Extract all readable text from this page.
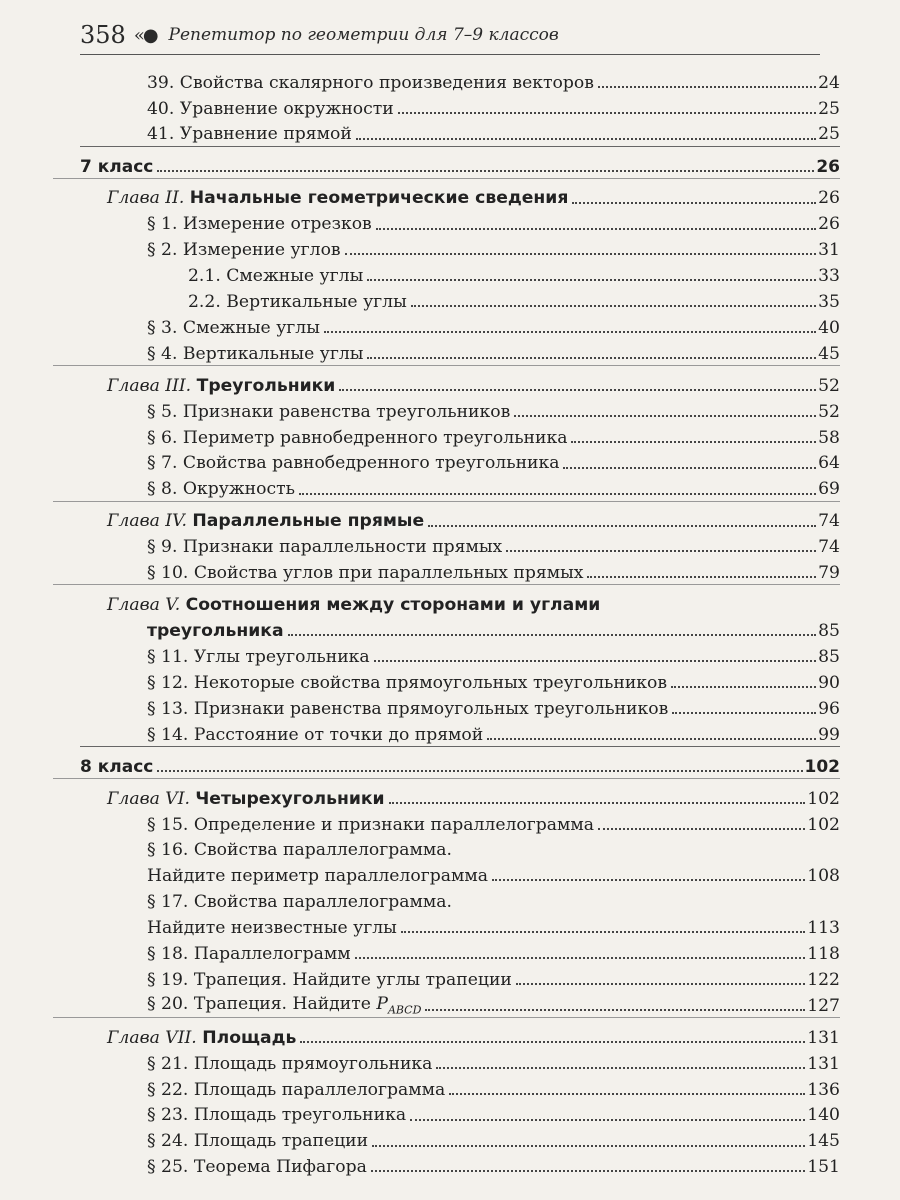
358 «● Репетитор по геометрии для 7–9 классов
39. Свойства скалярного произведения векторов	24
40. Уравнение окружности	25
41. Уравнение прямой	25
7 класс	26
Глава II. Начальные геометрические сведения	26
§ 1. Измерение отрезков	26
§ 2. Измерение углов	31
2.1. Смежные углы	33
2.2. Вертикальные углы	35
§ 3. Смежные углы	40
§ 4. Вертикальные углы	45
Глава III. Треугольники	52
§ 5. Признаки равенства треугольников	52
§ 6. Периметр равнобедренного треугольника	58
§ 7. Свойства равнобедренного треугольника	64
§ 8. Окружность	69
Глава IV. Параллельные прямые	74
§ 9. Признаки параллельности прямых	74
§ 10. Свойства углов при параллельных прямых	79
Глава V. Соотношения между сторонами и углами
треугольника	85
§ 11. Углы треугольника	85
§ 12. Некоторые свойства прямоугольных треугольников	90
§ 13. Признаки равенства прямоугольных треугольников	96
§ 14. Расстояние от точки до прямой	99
8 класс	102
Глава VI. Четырехугольники	102
§ 15. Определение и признаки параллелограмма	102
§ 16. Свойства параллелограмма.
Найдите периметр параллелограмма	108
§ 17. Свойства параллелограмма.
Найдите неизвестные углы	113
§ 18. Параллелограмм	118
§ 19. Трапеция. Найдите углы трапеции	122
§ 20. Трапеция. Найдите $P_{ABCD}$	127
Глава VII. Площадь	131
§ 21. Площадь прямоугольника	131
§ 22. Площадь параллелограмма	136
§ 23. Площадь треугольника	140
§ 24. Площадь трапеции	145
§ 25. Теорема Пифагора	151
